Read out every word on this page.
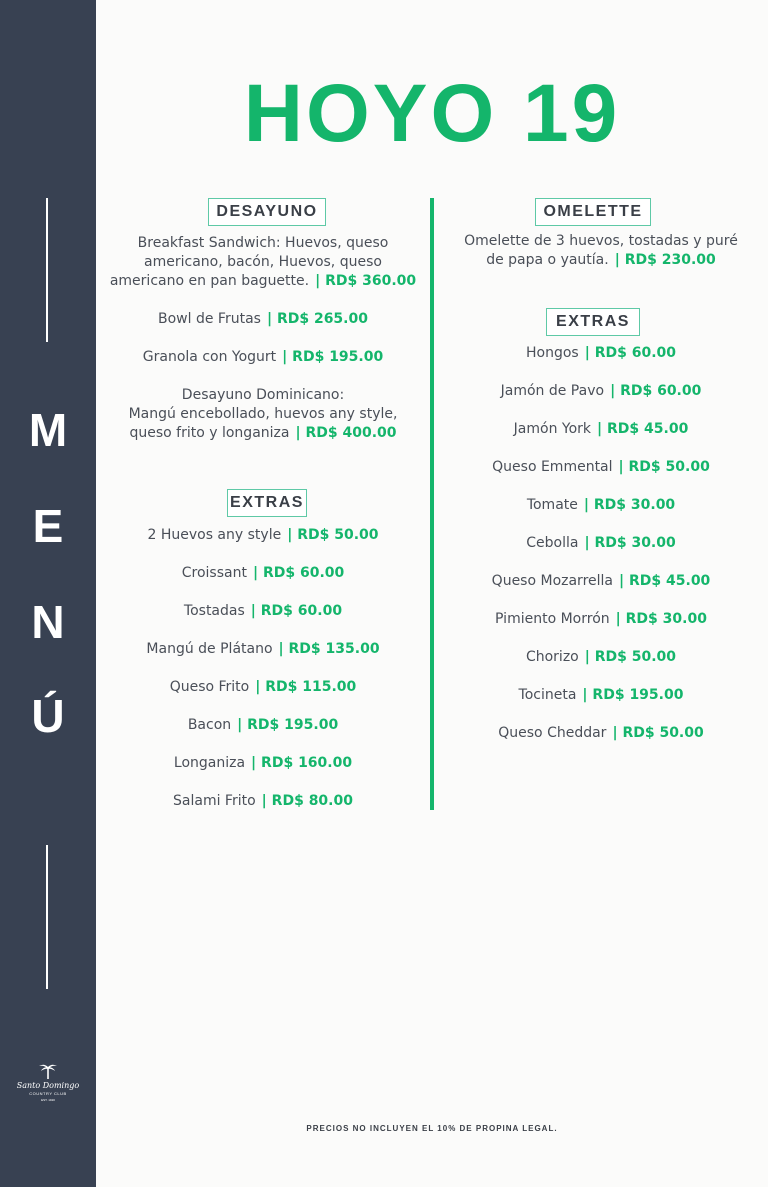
M
E
N
Ú
Santo Domingo
COUNTRY CLUB
EST. 1920
HOYO 19
DESAYUNO
Breakfast Sandwich: Huevos, queso
americano, bacón, Huevos, queso
americano en pan baguette. | RD$ 360.00
Bowl de Frutas | RD$ 265.00
Granola con Yogurt | RD$ 195.00
Desayuno Dominicano:
Mangú encebollado, huevos any style,
queso frito y longaniza | RD$ 400.00
EXTRAS
2 Huevos any style | RD$ 50.00
Croissant | RD$ 60.00
Tostadas | RD$ 60.00
Mangú de Plátano | RD$ 135.00
Queso Frito | RD$ 115.00
Bacon | RD$ 195.00
Longaniza | RD$ 160.00
Salami Frito | RD$ 80.00
OMELETTE
Omelette de 3 huevos, tostadas y puré
de papa o yautía. | RD$ 230.00
EXTRAS
Hongos | RD$ 60.00
Jamón de Pavo | RD$ 60.00
Jamón York | RD$ 45.00
Queso Emmental | RD$ 50.00
Tomate | RD$ 30.00
Cebolla | RD$ 30.00
Queso Mozarrella | RD$ 45.00
Pimiento Morrón | RD$ 30.00
Chorizo | RD$ 50.00
Tocineta | RD$ 195.00
Queso Cheddar | RD$ 50.00
PRECIOS NO INCLUYEN EL 10% DE PROPINA LEGAL.
